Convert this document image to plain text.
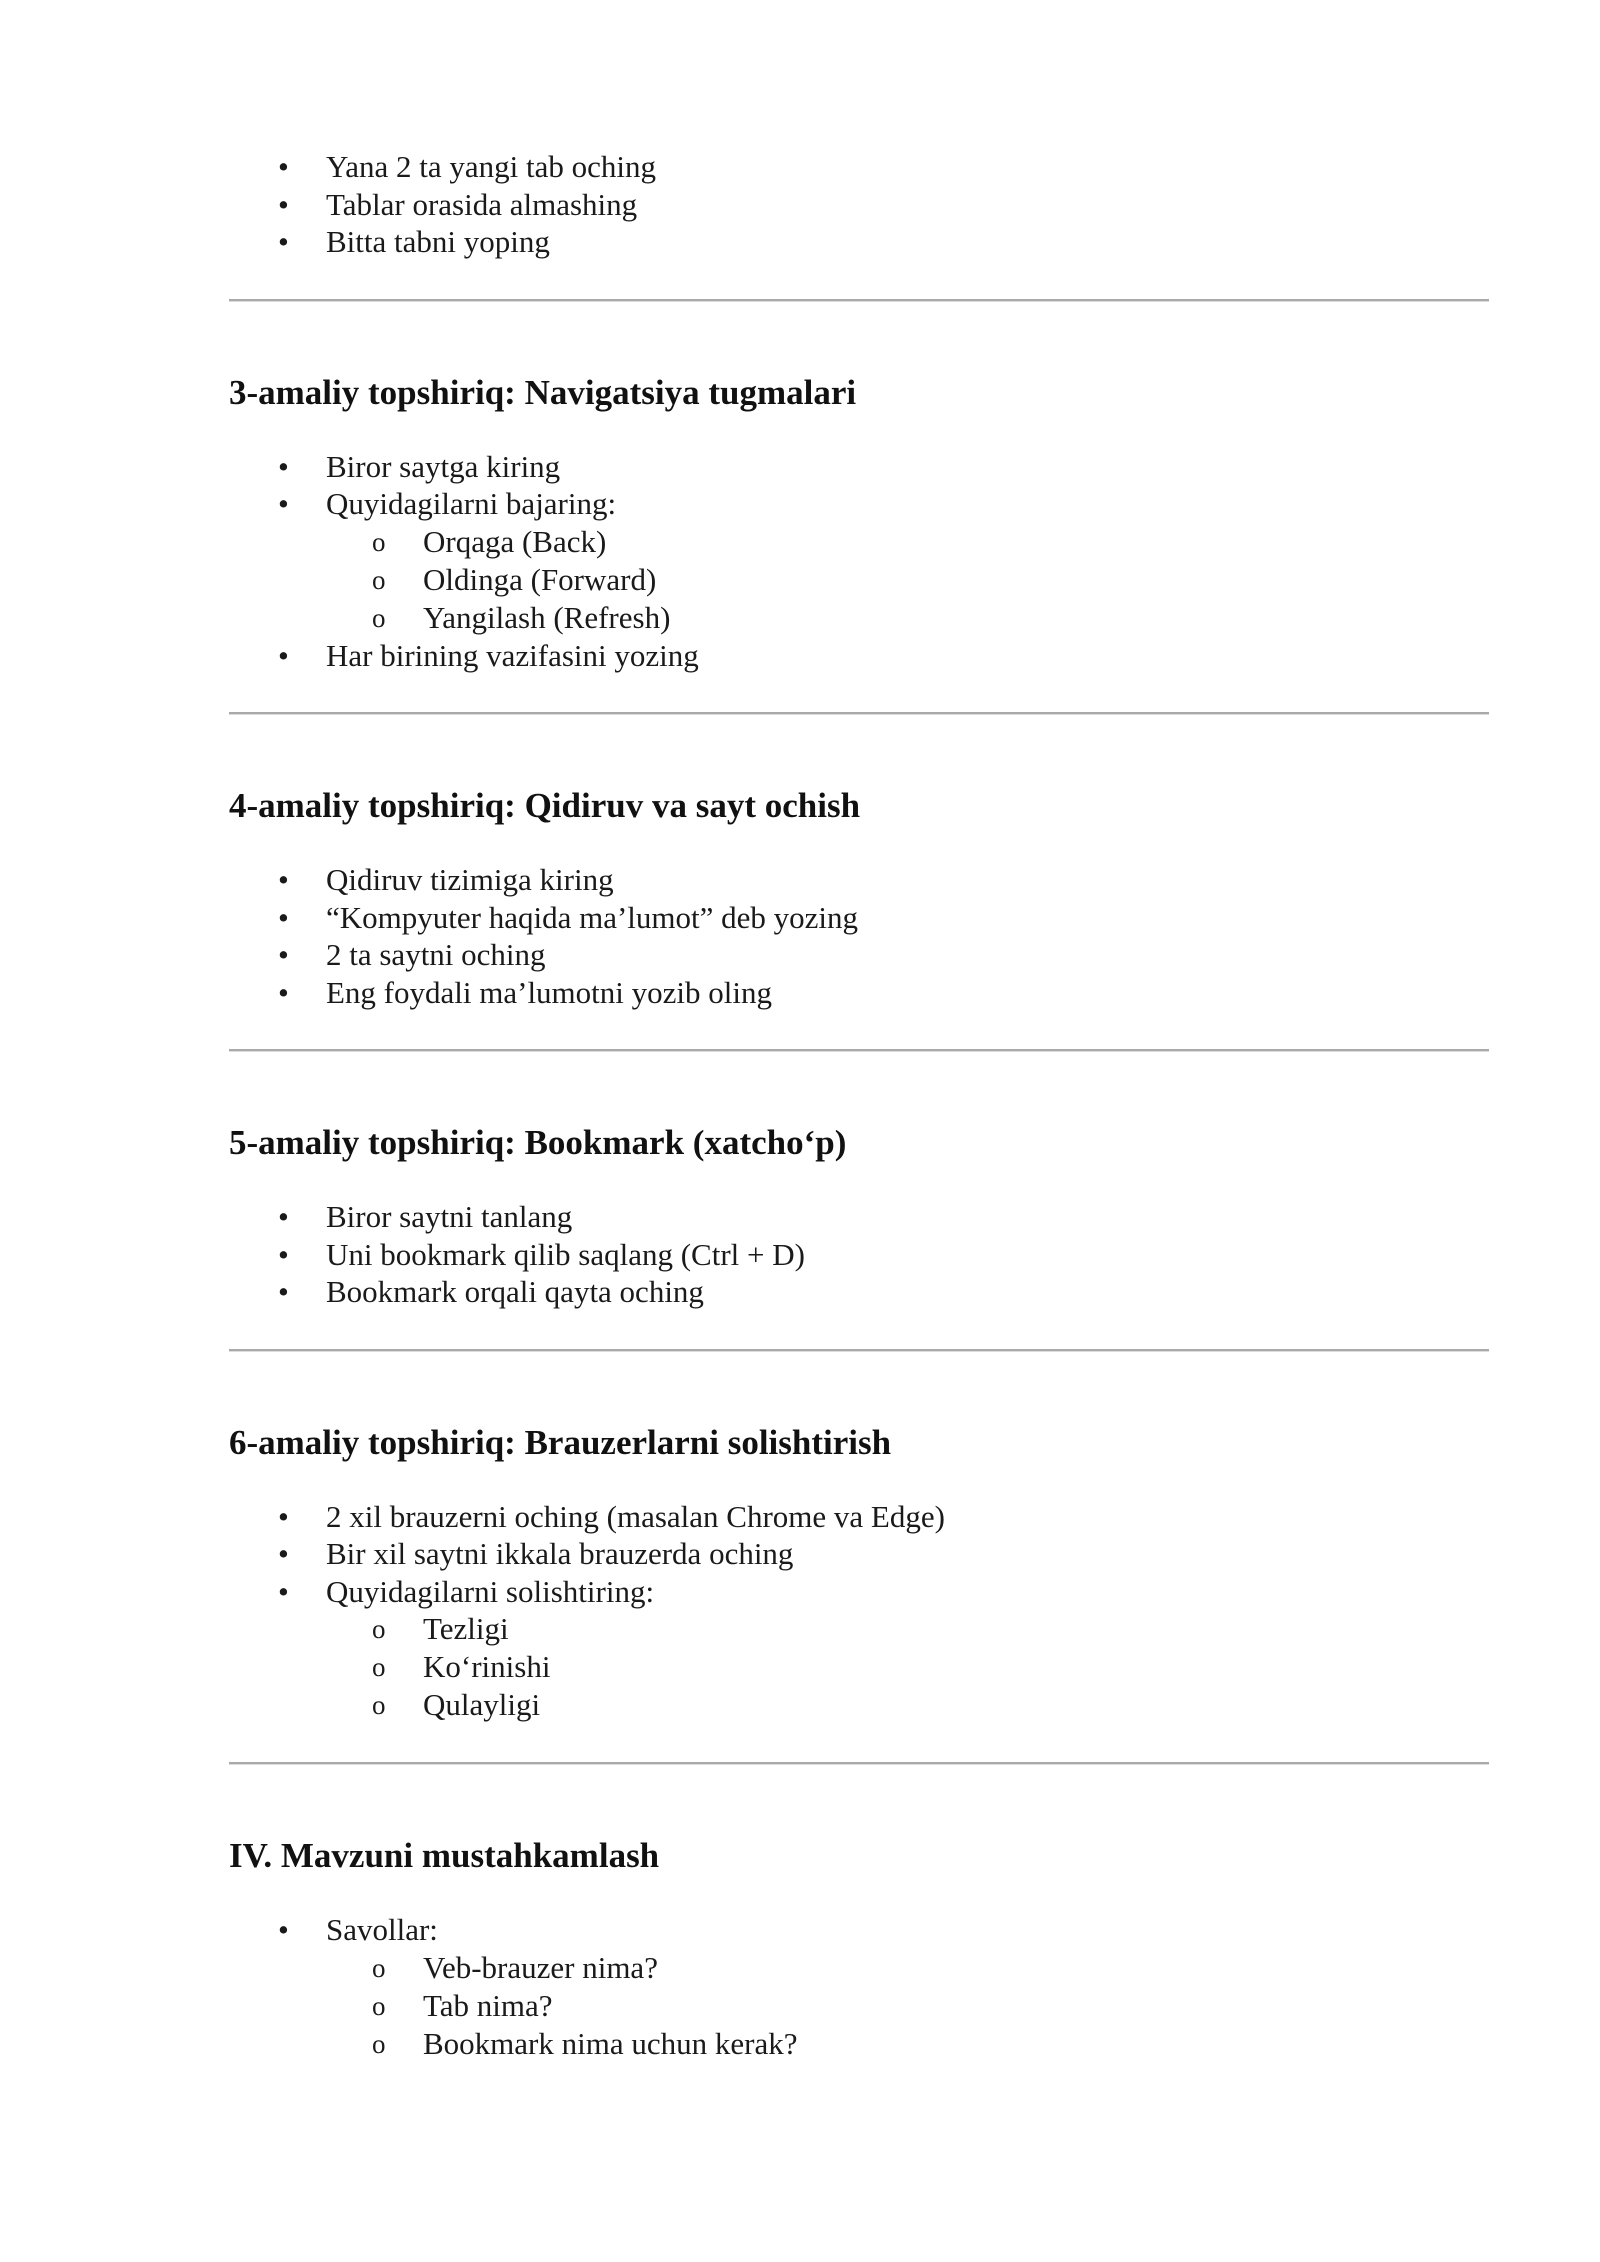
• Yana 2 ta yangi tab oching
• Tablar orasida almashing
• Bitta tabni yoping
3-amaliy topshiriq: Navigatsiya tugmalari
• Biror saytga kiring
• Quyidagilarni bajaring:
o Orqaga (Back)
o Oldinga (Forward)
o Yangilash (Refresh)
• Har birining vazifasini yozing
4-amaliy topshiriq: Qidiruv va sayt ochish
• Qidiruv tizimiga kiring
• “Kompyuter haqida ma’lumot” deb yozing
• 2 ta saytni oching
• Eng foydali ma’lumotni yozib oling
5-amaliy topshiriq: Bookmark (xatcho‘p)
• Biror saytni tanlang
• Uni bookmark qilib saqlang (Ctrl + D)
• Bookmark orqali qayta oching
6-amaliy topshiriq: Brauzerlarni solishtirish
• 2 xil brauzerni oching (masalan Chrome va Edge)
• Bir xil saytni ikkala brauzerda oching
• Quyidagilarni solishtiring:
o Tezligi
o Ko‘rinishi
o Qulayligi
IV. Mavzuni mustahkamlash
• Savollar:
o Veb-brauzer nima?
o Tab nima?
o Bookmark nima uchun kerak?
